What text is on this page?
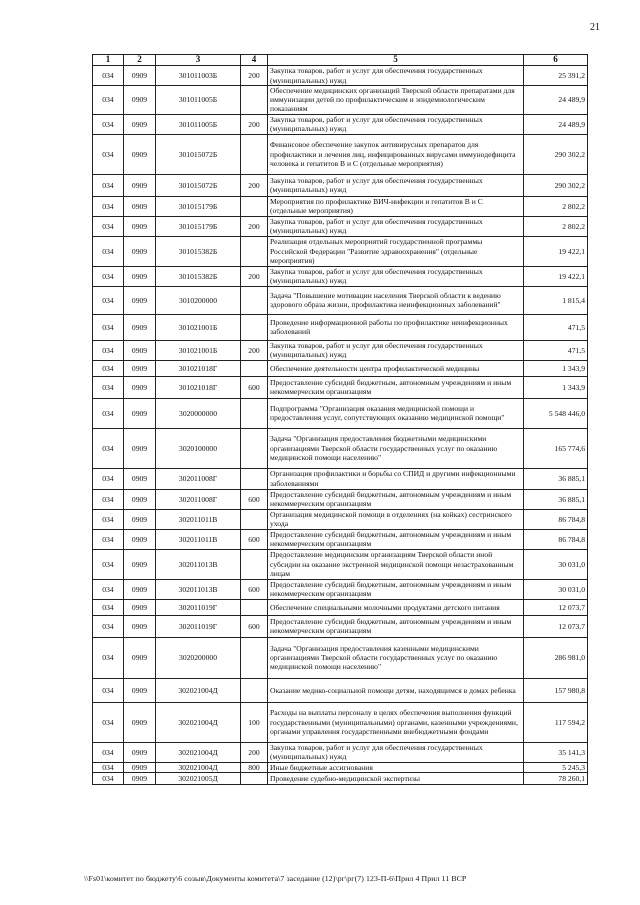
21
1	2	3	4	5	6
034	0909	301011003Б	200	Закупка товаров, работ и услуг для обеспечения государственных (муниципальных) нужд	25 391,2
034	0909	301011005Б		Обеспечение медицинских организаций Тверской области препаратами для иммунизации детей по профилактическим и эпидемиологическим показаниям	24 489,9
034	0909	301011005Б	200	Закупка товаров, работ и услуг для обеспечения государственных (муниципальных) нужд	24 489,9
034	0909	301015072Б		Финансовое обеспечение закупок антивирусных препаратов для профилактики и лечения лиц, инфицированных вирусами иммунодефицита человека и гепатитов В и С (отдельные мероприятия)	290 302,2
034	0909	301015072Б	200	Закупка товаров, работ и услуг для обеспечения государственных (муниципальных) нужд	290 302,2
034	0909	301015179Б		Мероприятия по профилактике ВИЧ-инфекции и гепатитов В и С (отдельные мероприятия)	2 802,2
034	0909	301015179Б	200	Закупка товаров, работ и услуг для обеспечения государственных (муниципальных) нужд	2 802,2
034	0909	301015382Б		Реализация отдельных мероприятий государственной программы Российской Федерации "Развитие здравоохранения" (отдельные мероприятия)	19 422,1
034	0909	301015382Б	200	Закупка товаров, работ и услуг для обеспечения государственных (муниципальных) нужд	19 422,1
034	0909	3010200000		Задача "Повышение мотивации населения Тверской области к ведению здорового образа жизни, профилактика неинфекционных заболеваний"	1 815,4
034	0909	301021001Б		Проведение информационной работы по профилактике неинфекционных заболеваний	471,5
034	0909	301021001Б	200	Закупка товаров, работ и услуг для обеспечения государственных (муниципальных) нужд	471,5
034	0909	301021018Г		Обеспечение деятельности центра профилактической медицины	1 343,9
034	0909	301021018Г	600	Предоставление субсидий бюджетным, автономным учреждениям и иным некоммерческим организациям	1 343,9
034	0909	3020000000		Подпрограмма "Организация оказания медицинской помощи и предоставления услуг, сопутствующих оказанию медицинской помощи"	5 548 446,0
034	0909	3020100000		Задача "Организация предоставления бюджетными медицинскими организациями Тверской области государственных услуг по оказанию медицинской помощи населению"	165 774,6
034	0909	302011008Г		Организация профилактики и борьбы со СПИД и другими инфекционными заболеваниями	36 885,1
034	0909	302011008Г	600	Предоставление субсидий бюджетным, автономным учреждениям и иным некоммерческим организациям	36 885,1
034	0909	302011011В		Организация медицинской помощи в отделениях (на койках) сестринского ухода	86 784,8
034	0909	302011011В	600	Предоставление субсидий бюджетным, автономным учреждениям и иным некоммерческим организациям	86 784,8
034	0909	302011013В		Предоставление медицинским организациям Тверской области иной субсидии на оказание экстренной медицинской помощи незастрахованным лицам	30 031,0
034	0909	302011013В	600	Предоставление субсидий бюджетным, автономным учреждениям и иным некоммерческим организациям	30 031,0
034	0909	302011019Г		Обеспечение специальными молочными продуктами детского питания	12 073,7
034	0909	302011019Г	600	Предоставление субсидий бюджетным, автономным учреждениям и иным некоммерческим организациям	12 073,7
034	0909	3020200000		Задача "Организация предоставления казенными медицинскими организациями Тверской области государственных услуг по оказанию медицинской помощи населению"	286 981,0
034	0909	302021004Д		Оказание медико-социальной помощи детям, находящимся в домах ребенка	157 980,8
034	0909	302021004Д	100	Расходы на выплаты персоналу в целях обеспечения выполнения функций государственными (муниципальными) органами, казенными учреждениями, органами управления государственными внебюджетными фондами	117 594,2
034	0909	302021004Д	200	Закупка товаров, работ и услуг для обеспечения государственных (муниципальных) нужд	35 141,3
034	0909	302021004Д	800	Иные бюджетные ассигнования	5 245,3
034	0909	302021005Д		Проведение судебно-медицинской экспертизы	78 260,1
\\Fs01\комитет по бюджету\6 созыв\Документы комитета\7 заседание (12)\рг\рг(7) 123-П-6\Прил 4 Прил 11 ВСР
